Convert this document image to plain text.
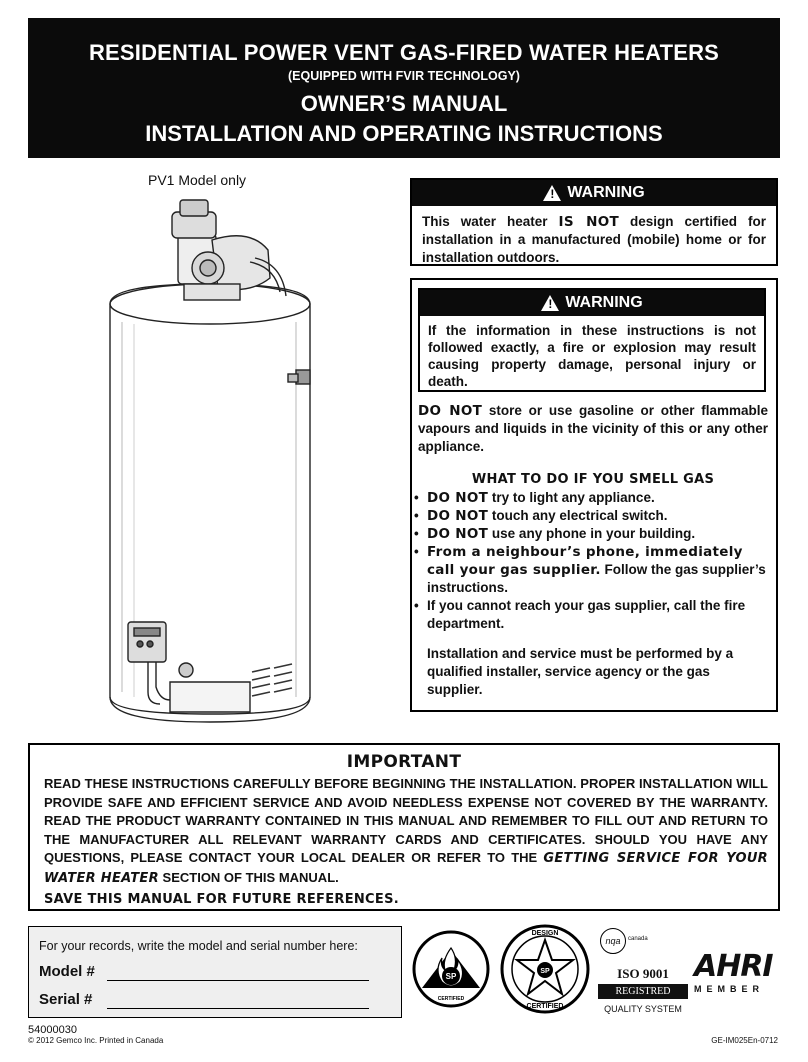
RESIDENTIAL POWER VENT GAS-FIRED WATER HEATERS
(EQUIPPED WITH FVIR TECHNOLOGY)
OWNER’S MANUAL
INSTALLATION AND OPERATING INSTRUCTIONS
PV1 Model only
! WARNING
This water heater IS NOT design certified for installation in a manufactured (mobile) home or for installation outdoors.
! WARNING
If the information in these instructions is not followed exactly, a fire or explosion may result causing property damage, personal injury or death.
DO NOT store or use gasoline or other flammable vapours and liquids in the vicinity of this or any other appliance.
WHAT TO DO IF YOU SMELL GAS
• DO NOT try to light any appliance.
• DO NOT touch any electrical switch.
• DO NOT use any phone in your building.
• From a neighbour’s phone, immediately call your gas supplier. Follow the gas supplier’s instructions.
• If you cannot reach your gas supplier, call the fire department.
Installation and service must be performed by a qualified installer, service agency or the gas supplier.
IMPORTANT
READ THESE INSTRUCTIONS CAREFULLY BEFORE BEGINNING THE INSTALLATION. PROPER INSTALLATION WILL PROVIDE SAFE AND EFFICIENT SERVICE AND AVOID NEEDLESS EXPENSE NOT COVERED BY THE WARRANTY. READ THE PRODUCT WARRANTY CONTAINED IN THIS MANUAL AND REMEMBER TO FILL OUT AND RETURN TO THE MANUFACTURER ALL RELEVANT WARRANTY CARDS AND CERTIFICATES. SHOULD YOU HAVE ANY QUESTIONS, PLEASE CONTACT YOUR LOCAL DEALER OR REFER TO THE GETTING SERVICE FOR YOUR WATER HEATER SECTION OF THIS MANUAL.
SAVE THIS MANUAL FOR FUTURE REFERENCES.
For your records, write the model and serial number here:
Model #
Serial #
SP
CERTIFIED
SP
DESIGN
CERTIFIED
nqa	canada
ISO 9001
REGISTRED
QUALITY SYSTEM
AHRI
MEMBER
54000030
© 2012 Gemco Inc. Printed in Canada	GE-IM025En-0712
